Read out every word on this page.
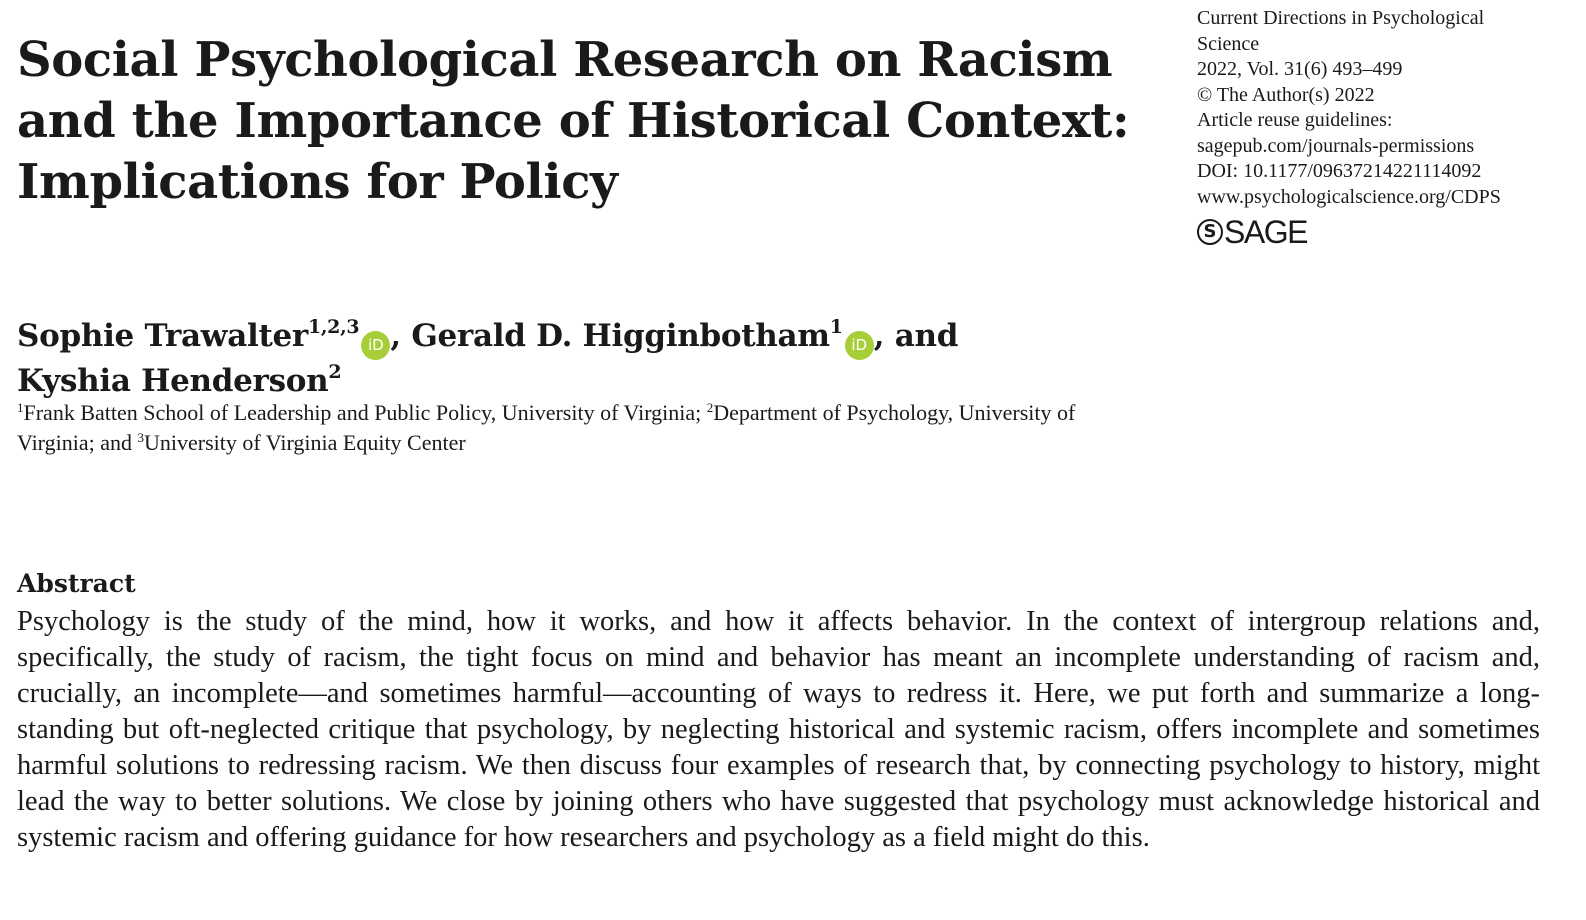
Social Psychological Research on Racism and the Importance of Historical Context: Implications for Policy
Current Directions in Psychological
Science
2022, Vol. 31(6) 493–499
© The Author(s) 2022
Article reuse guidelines:
sagepub.com/journals-permissions
DOI: 10.1177/09637214221114092
www.psychologicalscience.org/CDPS
S SAGE

Sophie Trawalter$^{1,2,3}$iD , Gerald D. Higginbotham$^1$iD , and
Kyshia Henderson$^2$

$^1$Frank Batten School of Leadership and Public Policy, University of Virginia; $^2$Department of Psychology, University of Virginia; and $^3$University of Virginia Equity Center

Abstract

Psychology is the study of the mind, how it works, and how it affects behavior. In the context of intergroup relations and, specifically, the study of racism, the tight focus on mind and behavior has meant an incomplete understanding of racism and, crucially, an incomplete—and sometimes harmful—accounting of ways to redress it. Here, we put forth and summarize a long-standing but oft-neglected critique that psychology, by neglecting historical and systemic racism, offers incomplete and sometimes harmful solutions to redressing racism. We then discuss four examples of research that, by connecting psychology to history, might lead the way to better solutions. We close by joining others who have suggested that psychology must acknowledge historical and systemic racism and offering guidance for how researchers and psychology as a field might do this.
